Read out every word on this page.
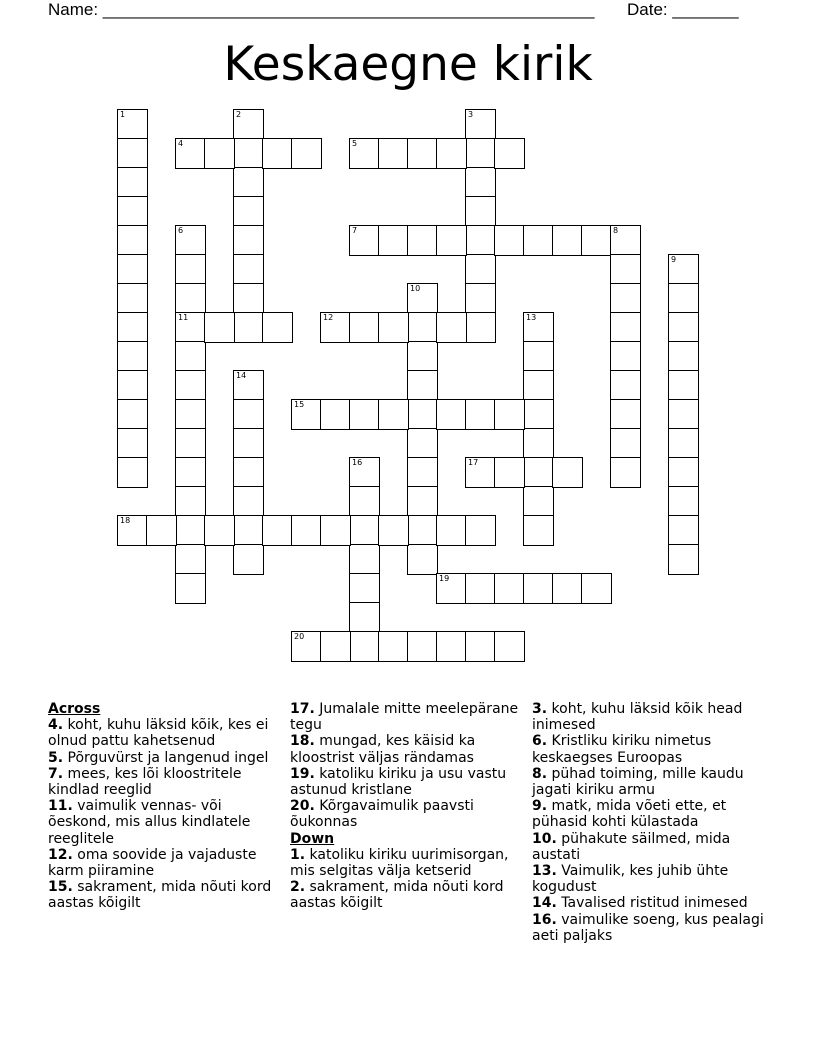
Name: ____________________________________________________ Date: _______
Keskaegne kirik
1	2	3
4	5
6
11
7	8
9
10
12	13
14
15
16	17
18
19
20

Across

4. koht, kuhu läksid kõik, kes ei olnud pattu kahetsenud

5. Põrguvürst ja langenud ingel

7. mees, kes lõi kloostritele kindlad reeglid

11. vaimulik vennas- või õeskond, mis allus kindlatele reeglitele

12. oma soovide ja vajaduste karm piiramine

15. sakrament, mida nõuti kord aastas kõigilt

17. Jumalale mitte meelepärane tegu

18. mungad, kes käisid ka kloostrist väljas rändamas

19. katoliku kiriku ja usu vastu astunud kristlane

20. Kõrgavaimulik paavsti õukonnas

Down

1. katoliku kiriku uurimisorgan, mis selgitas välja ketserid

2. sakrament, mida nõuti kord aastas kõigilt

3. koht, kuhu läksid kõik head inimesed

6. Kristliku kiriku nimetus keskaegses Euroopas

8. pühad toiming, mille kaudu jagati kiriku armu

9. matk, mida võeti ette, et pühasid kohti külastada

10. pühakute säilmed, mida austati

13. Vaimulik, kes juhib ühte kogudust

14. Tavalised ristitud inimesed

16. vaimulike soeng, kus pealagi aeti paljaks
